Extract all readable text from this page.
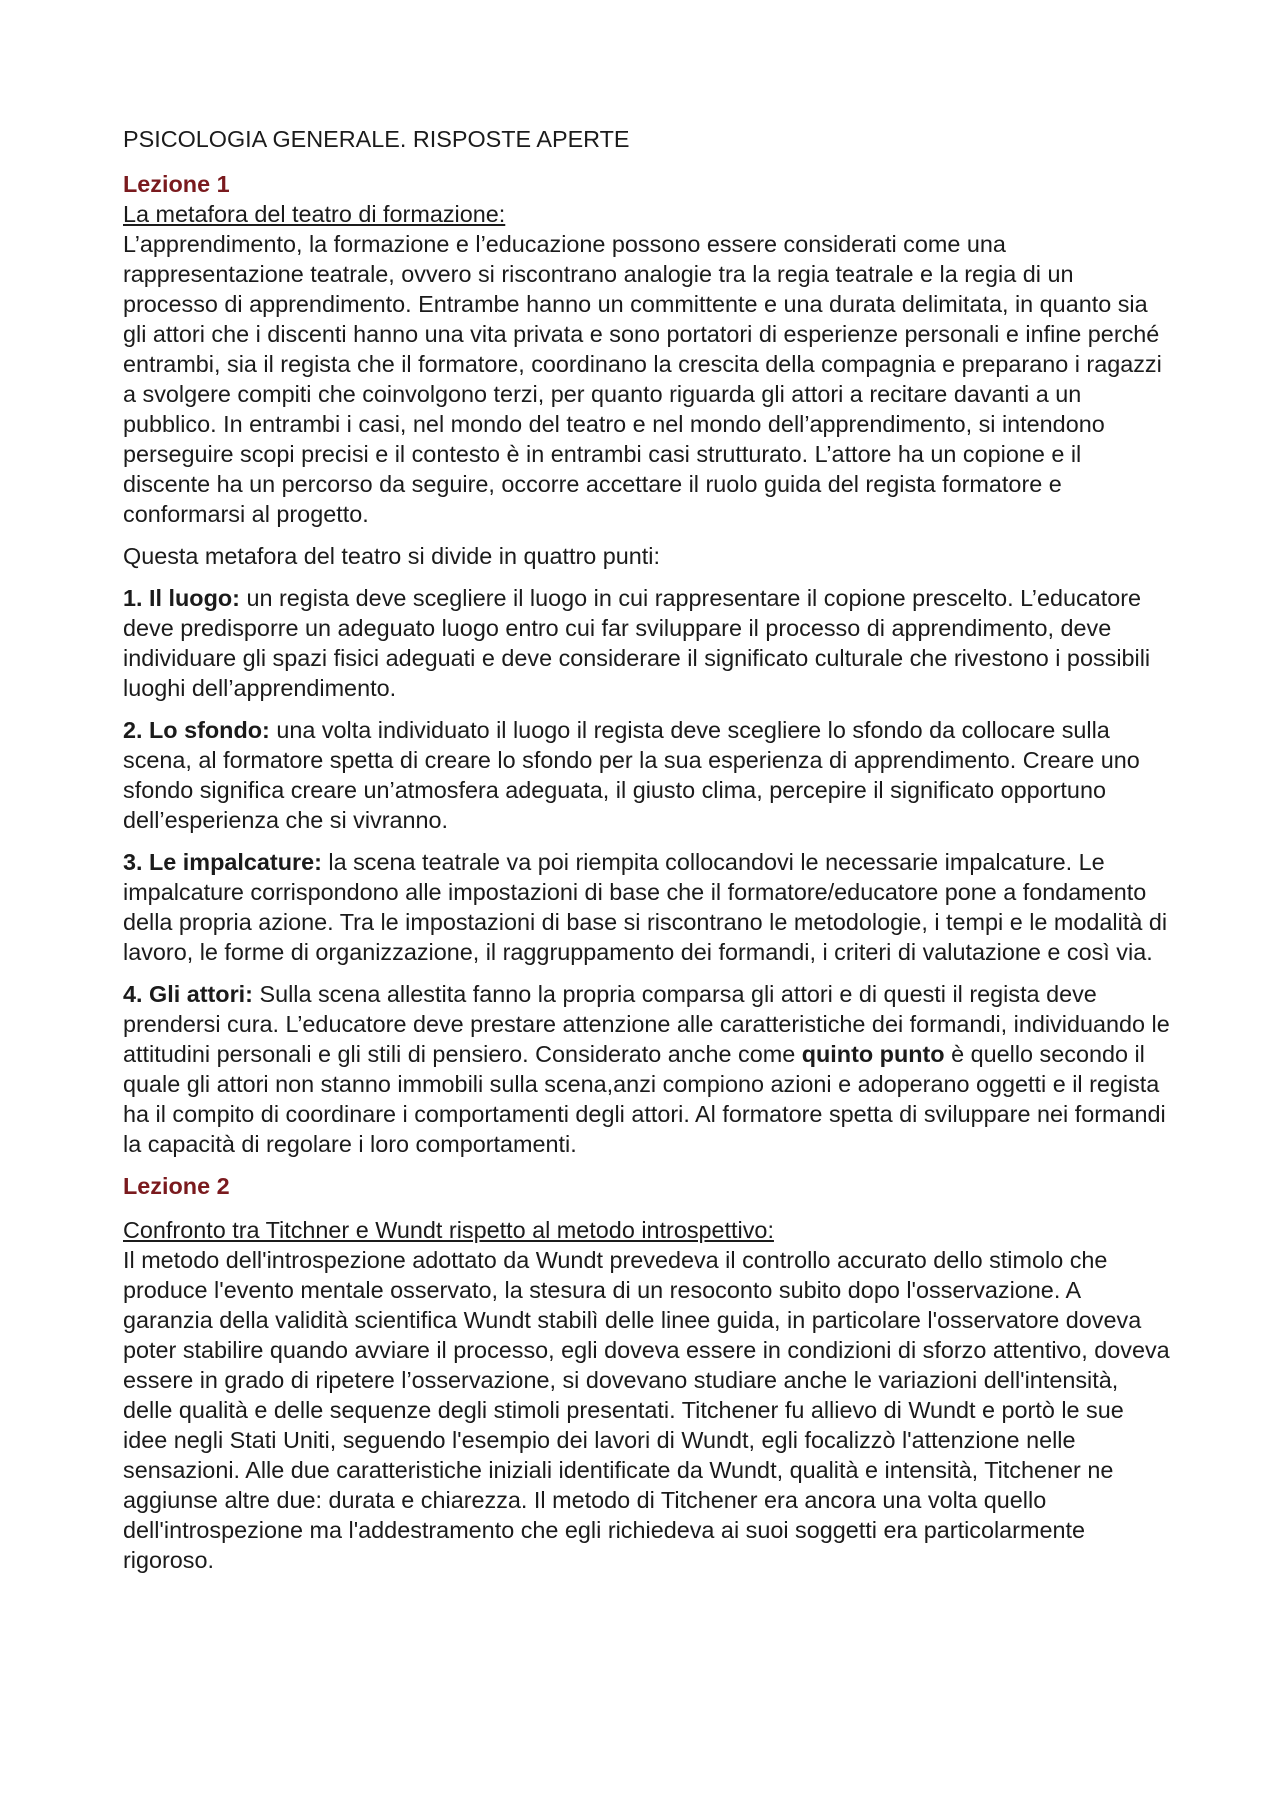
PSICOLOGIA GENERALE. RISPOSTE APERTE

Lezione 1
La metafora del teatro di formazione:

L’apprendimento, la formazione e l’educazione possono essere considerati come una rappresentazione teatrale, ovvero si riscontrano analogie tra la regia teatrale e la regia di un processo di apprendimento. Entrambe hanno un committente e una durata delimitata, in quanto sia gli attori che i discenti hanno una vita privata e sono portatori di esperienze personali e infine perché entrambi, sia il regista che il formatore, coordinano la crescita della compagnia e preparano i ragazzi a svolgere compiti che coinvolgono terzi, per quanto riguarda gli attori a recitare davanti a un pubblico. In entrambi i casi, nel mondo del teatro e nel mondo dell’apprendimento, si intendono perseguire scopi precisi e il contesto è in entrambi casi strutturato. L’attore ha un copione e il discente ha un percorso da seguire, occorre accettare il ruolo guida del regista formatore e conformarsi al progetto.

Questa metafora del teatro si divide in quattro punti:

1. Il luogo: un regista deve scegliere il luogo in cui rappresentare il copione prescelto. L’educatore deve predisporre un adeguato luogo entro cui far sviluppare il processo di apprendimento, deve individuare gli spazi fisici adeguati e deve considerare il significato culturale che rivestono i possibili luoghi dell’apprendimento.

2. Lo sfondo: una volta individuato il luogo il regista deve scegliere lo sfondo da collocare sulla scena, al formatore spetta di creare lo sfondo per la sua esperienza di apprendimento. Creare uno sfondo significa creare un’atmosfera adeguata, il giusto clima, percepire il significato opportuno dell’esperienza che si vivranno.

3. Le impalcature: la scena teatrale va poi riempita collocandovi le necessarie impalcature. Le impalcature corrispondono alle impostazioni di base che il formatore/educatore pone a fondamento della propria azione. Tra le impostazioni di base si riscontrano le metodologie, i tempi e le modalità di lavoro, le forme di organizzazione, il raggruppamento dei formandi, i criteri di valutazione e così via.

4. Gli attori: Sulla scena allestita fanno la propria comparsa gli attori e di questi il regista deve prendersi cura. L’educatore deve prestare attenzione alle caratteristiche dei formandi, individuando le attitudini personali e gli stili di pensiero. Considerato anche come quinto punto è quello secondo il quale gli attori non stanno immobili sulla scena,anzi compiono azioni e adoperano oggetti e il regista ha il compito di coordinare i comportamenti degli attori. Al formatore spetta di sviluppare nei formandi la capacità di regolare i loro comportamenti.

Lezione 2
Confronto tra Titchner e Wundt rispetto al metodo introspettivo:

Il metodo dell'introspezione adottato da Wundt prevedeva il controllo accurato dello stimolo che produce l'evento mentale osservato, la stesura di un resoconto subito dopo l'osservazione. A garanzia della validità scientifica Wundt stabilì delle linee guida, in particolare l'osservatore doveva poter stabilire quando avviare il processo, egli doveva essere in condizioni di sforzo attentivo, doveva essere in grado di ripetere l’osservazione, si dovevano studiare anche le variazioni dell'intensità, delle qualità e delle sequenze degli stimoli presentati. Titchener fu allievo di Wundt e portò le sue idee negli Stati Uniti, seguendo l'esempio dei lavori di Wundt, egli focalizzò l'attenzione nelle sensazioni. Alle due caratteristiche iniziali identificate da Wundt, qualità e intensità, Titchener ne aggiunse altre due: durata e chiarezza. Il metodo di Titchener era ancora una volta quello dell'introspezione ma l'addestramento che egli richiedeva ai suoi soggetti era particolarmente rigoroso.
